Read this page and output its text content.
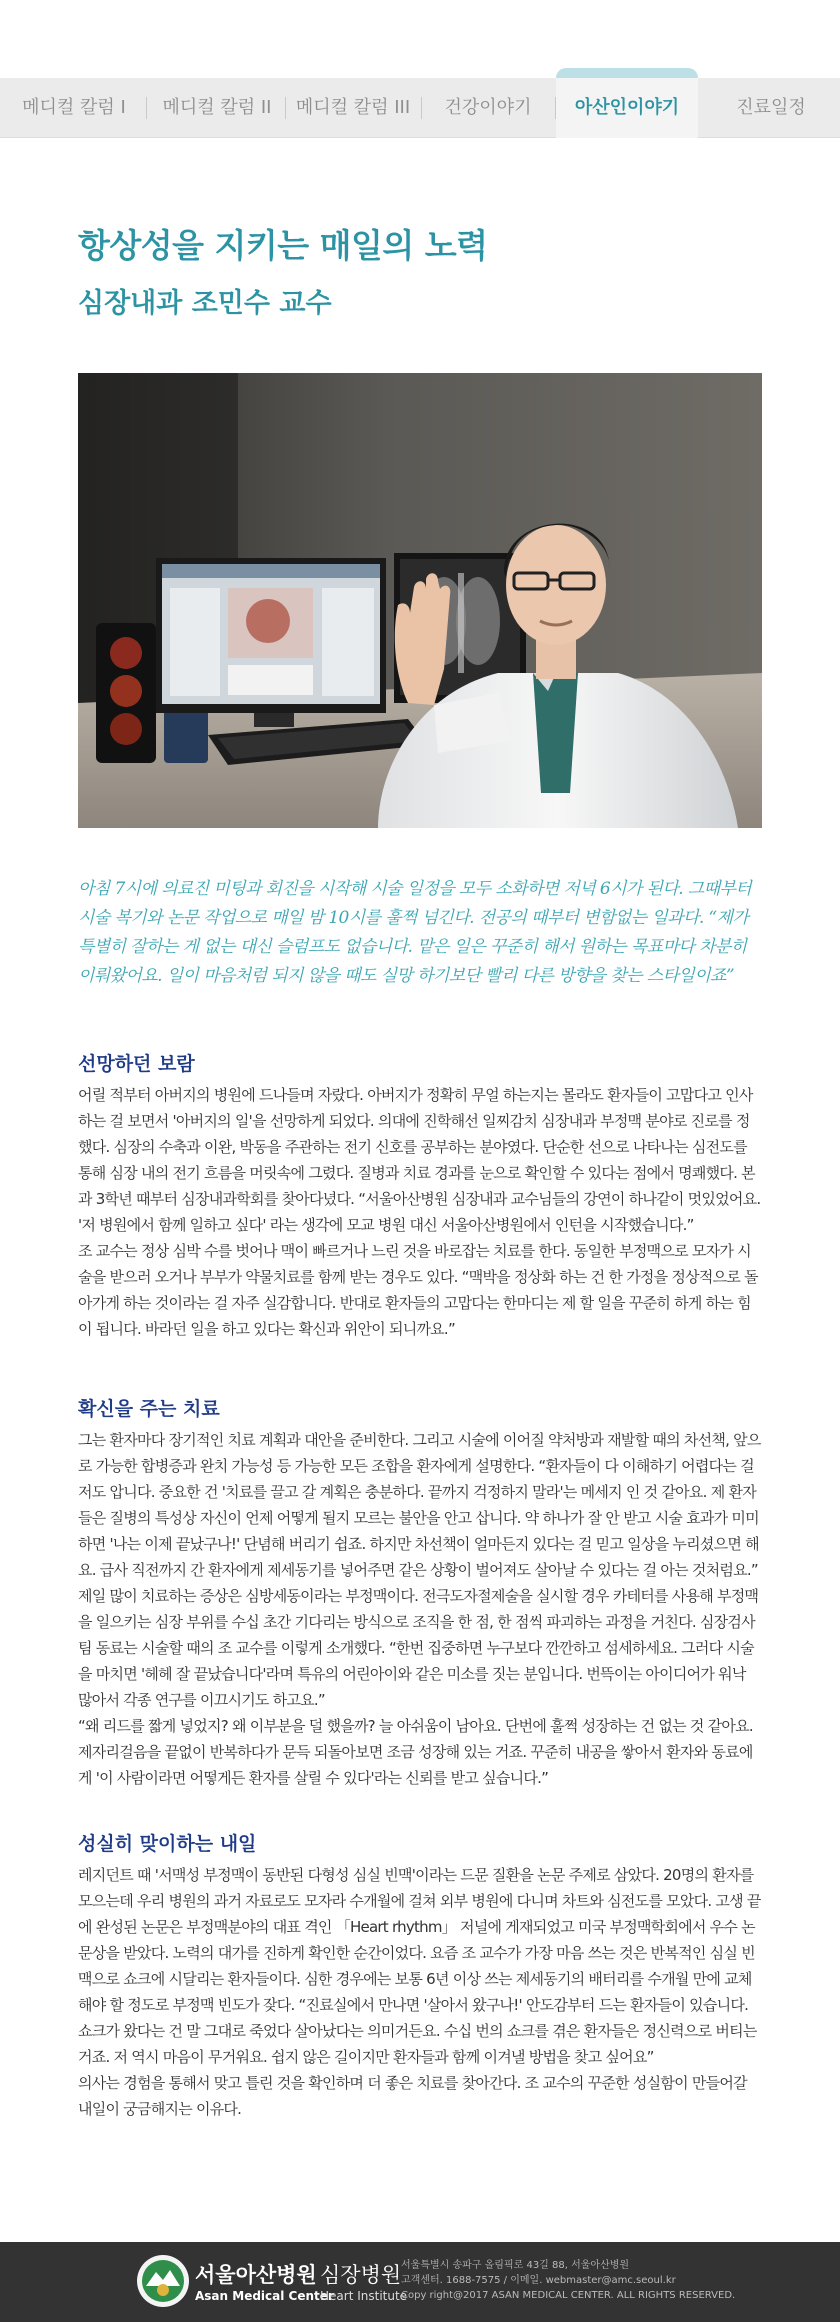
메디컬 칼럼 I	메디컬 칼럼 II	메디컬 칼럼 III	건강이야기	아산인이야기	진료일정
항상성을 지키는 매일의 노력
심장내과 조민수 교수

아침 7시에 의료진 미팅과 회진을 시작해 시술 일정을 모두 소화하면 저녁 6시가 된다. 그때부터 시술 복기와 논문 작업으로 매일 밤 10시를 훌쩍 넘긴다. 전공의 때부터 변함없는 일과다. “제가 특별히 잘하는 게 없는 대신 슬럼프도 없습니다. 맡은 일은 꾸준히 해서 원하는 목표마다 차분히 이뤄왔어요. 일이 마음처럼 되지 않을 때도 실망 하기보단 빨리 다른 방향을 찾는 스타일이죠”

선망하던 보람

어릴 적부터 아버지의 병원에 드나들며 자랐다. 아버지가 정확히 무얼 하는지는 몰라도 환자들이 고맙다고 인사하는 걸 보면서 '아버지의 일'을 선망하게 되었다. 의대에 진학해선 일찌감치 심장내과 부정맥 분야로 진로를 정했다. 심장의 수축과 이완, 박동을 주관하는 전기 신호를 공부하는 분야였다. 단순한 선으로 나타나는 심전도를 통해 심장 내의 전기 흐름을 머릿속에 그렸다. 질병과 치료 경과를 눈으로 확인할 수 있다는 점에서 명쾌했다. 본과 3학년 때부터 심장내과학회를 찾아다녔다. “서울아산병원 심장내과 교수님들의 강연이 하나같이 멋있었어요. '저 병원에서 함께 일하고 싶다' 라는 생각에 모교 병원 대신 서울아산병원에서 인턴을 시작했습니다.”

조 교수는 정상 심박 수를 벗어나 맥이 빠르거나 느린 것을 바로잡는 치료를 한다. 동일한 부정맥으로 모자가 시술을 받으러 오거나 부부가 약물치료를 함께 받는 경우도 있다. “맥박을 정상화 하는 건 한 가정을 정상적으로 돌아가게 하는 것이라는 걸 자주 실감합니다. 반대로 환자들의 고맙다는 한마디는 제 할 일을 꾸준히 하게 하는 힘이 됩니다. 바라던 일을 하고 있다는 확신과 위안이 되니까요.”

확신을 주는 치료

그는 환자마다 장기적인 치료 계획과 대안을 준비한다. 그리고 시술에 이어질 약처방과 재발할 때의 차선책, 앞으로 가능한 합병증과 완치 가능성 등 가능한 모든 조합을 환자에게 설명한다. “환자들이 다 이해하기 어렵다는 걸 저도 압니다. 중요한 건 '치료를 끌고 갈 계획은 충분하다. 끝까지 걱정하지 말라'는 메세지 인 것 같아요. 제 환자들은 질병의 특성상 자신이 언제 어떻게 될지 모르는 불안을 안고 삽니다. 약 하나가 잘 안 받고 시술 효과가 미미하면 '나는 이제 끝났구나!' 단념해 버리기 쉽죠. 하지만 차선책이 얼마든지 있다는 걸 믿고 일상을 누리셨으면 해요. 급사 직전까지 간 환자에게 제세동기를 넣어주면 같은 상황이 벌어져도 살아날 수 있다는 걸 아는 것처럼요.”

제일 많이 치료하는 증상은 심방세동이라는 부정맥이다. 전극도자절제술을 실시할 경우 카테터를 사용해 부정맥을 일으키는 심장 부위를 수십 초간 기다리는 방식으로 조직을 한 점, 한 점씩 파괴하는 과정을 거친다. 심장검사팀 동료는 시술할 때의 조 교수를 이렇게 소개했다. “한번 집중하면 누구보다 깐깐하고 섬세하세요. 그러다 시술을 마치면 '헤헤 잘 끝났습니다'라며 특유의 어린아이와 같은 미소를 짓는 분입니다. 번뜩이는 아이디어가 워낙 많아서 각종 연구를 이끄시기도 하고요.”

“왜 리드를 짧게 넣었지? 왜 이부분을 덜 했을까? 늘 아쉬움이 남아요. 단번에 훌쩍 성장하는 건 없는 것 같아요. 제자리걸음을 끝없이 반복하다가 문득 되돌아보면 조금 성장해 있는 거죠. 꾸준히 내공을 쌓아서 환자와 동료에게 '이 사람이라면 어떻게든 환자를 살릴 수 있다'라는 신뢰를 받고 싶습니다.”

성실히 맞이하는 내일

레지던트 때 '서맥성 부정맥이 동반된 다형성 심실 빈맥'이라는 드문 질환을 논문 주제로 삼았다. 20명의 환자를 모으는데 우리 병원의 과거 자료로도 모자라 수개월에 걸쳐 외부 병원에 다니며 차트와 심전도를 모았다. 고생 끝에 완성된 논문은 부정맥분야의 대표 격인 「Heart rhythm」 저널에 게재되었고 미국 부정맥학회에서 우수 논문상을 받았다. 노력의 대가를 진하게 확인한 순간이었다. 요즘 조 교수가 가장 마음 쓰는 것은 반복적인 심실 빈맥으로 쇼크에 시달리는 환자들이다. 심한 경우에는 보통 6년 이상 쓰는 제세동기의 배터리를 수개월 만에 교체해야 할 정도로 부정맥 빈도가 잦다. “진료실에서 만나면 '살아서 왔구나!' 안도감부터 드는 환자들이 있습니다. 쇼크가 왔다는 건 말 그대로 죽었다 살아났다는 의미거든요. 수십 번의 쇼크를 겪은 환자들은 정신력으로 버티는 거죠. 저 역시 마음이 무거워요. 쉽지 않은 길이지만 환자들과 함께 이겨낼 방법을 찾고 싶어요”

의사는 경험을 통해서 맞고 틀린 것을 확인하며 더 좋은 치료를 찾아간다. 조 교수의 꾸준한 성실함이 만들어갈 내일이 궁금해지는 이유다.

서울아산병원
Asan Medical Center
심장병원
Heart Institute
서울특별시 송파구 올림픽로 43길 88, 서울아산병원
고객센터. 1688-7575 / 이메일. webmaster@amc.seoul.kr
Copy right@2017 ASAN MEDICAL CENTER. ALL RIGHTS RESERVED.
